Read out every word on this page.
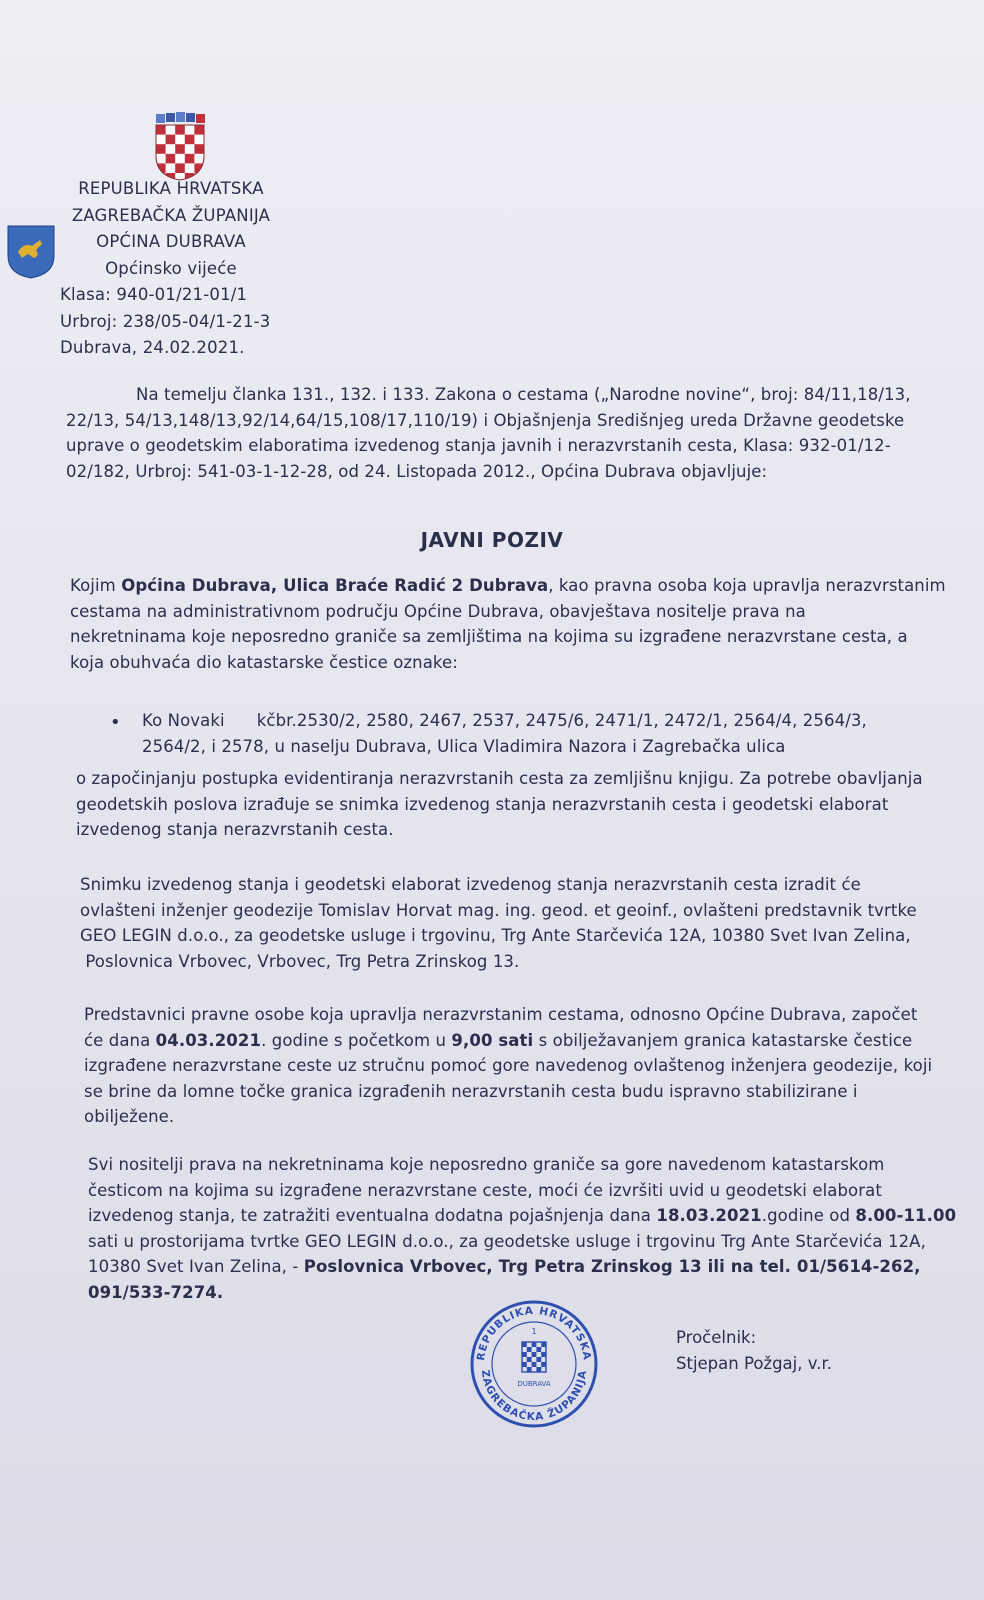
REPUBLIKA HRVATSKA
ZAGREBAČKA ŽUPANIJA
OPĆINA DUBRAVA
Općinsko vijeće
Klasa: 940-01/21-01/1
Urbroj: 238/05-04/1-21-3
Dubrava, 24.02.2021.

Na temelju članka 131., 132. i 133. Zakona o cestama („Narodne novine“, broj: 84/11,18/13,

22/13, 54/13,148/13,92/14,64/15,108/17,110/19) i Objašnjenja Središnjeg ureda Državne geodetske

uprave o geodetskim elaboratima izvedenog stanja javnih i nerazvrstanih cesta, Klasa: 932-01/12-

02/182, Urbroj: 541-03-1-12-28, od 24. Listopada 2012., Općina Dubrava objavljuje:

JAVNI POZIV

Kojim Općina Dubrava, Ulica Braće Radić 2 Dubrava, kao pravna osoba koja upravlja nerazvrstanim

cestama na administrativnom području Općine Dubrava, obavještava nositelje prava na

nekretninama koje neposredno graniče sa zemljištima na kojima su izgrađene nerazvrstane cesta, a

koja obuhvaća dio katastarske čestice oznake:

• Ko Novaki      kčbr.2530/2, 2580, 2467, 2537, 2475/6, 2471/1, 2472/1, 2564/4, 2564/3,

2564/2, i 2578, u naselju Dubrava, Ulica Vladimira Nazora i Zagrebačka ulica

o započinjanju postupka evidentiranja nerazvrstanih cesta za zemljišnu knjigu. Za potrebe obavljanja

geodetskih poslova izrađuje se snimka izvedenog stanja nerazvrstanih cesta i geodetski elaborat

izvedenog stanja nerazvrstanih cesta.

Snimku izvedenog stanja i geodetski elaborat izvedenog stanja nerazvrstanih cesta izradit će

ovlašteni inženjer geodezije Tomislav Horvat mag. ing. geod. et geoinf., ovlašteni predstavnik tvrtke

GEO LEGIN d.o.o., za geodetske usluge i trgovinu, Trg Ante Starčevića 12A, 10380 Svet Ivan Zelina,

Poslovnica Vrbovec, Vrbovec, Trg Petra Zrinskog 13.

Predstavnici pravne osobe koja upravlja nerazvrstanim cestama, odnosno Općine Dubrava, započet

će dana 04.03.2021. godine s početkom u 9,00 sati s obilježavanjem granica katastarske čestice

izgrađene nerazvrstane ceste uz stručnu pomoć gore navedenog ovlaštenog inženjera geodezije, koji

se brine da lomne točke granica izgrađenih nerazvrstanih cesta budu ispravno stabilizirane i

obilježene.

Svi nositelji prava na nekretninama koje neposredno graniče sa gore navedenom katastarskom

česticom na kojima su izgrađene nerazvrstane ceste, moći će izvršiti uvid u geodetski elaborat

izvedenog stanja, te zatražiti eventualna dodatna pojašnjenja dana 18.03.2021.godine od 8.00-11.00

sati u prostorijama tvrtke GEO LEGIN d.o.o., za geodetske usluge i trgovinu Trg Ante Starčevića 12A,

10380 Svet Ivan Zelina, - Poslovnica Vrbovec, Trg Petra Zrinskog 13 ili na tel. 01/5614-262,

091/533-7274.

REPUBLIKA HRVATSKA
ZAGREBAČKA ŽUPANIJA
1
DUBRAVA
Pročelnik:
Stjepan Požgaj, v.r.
